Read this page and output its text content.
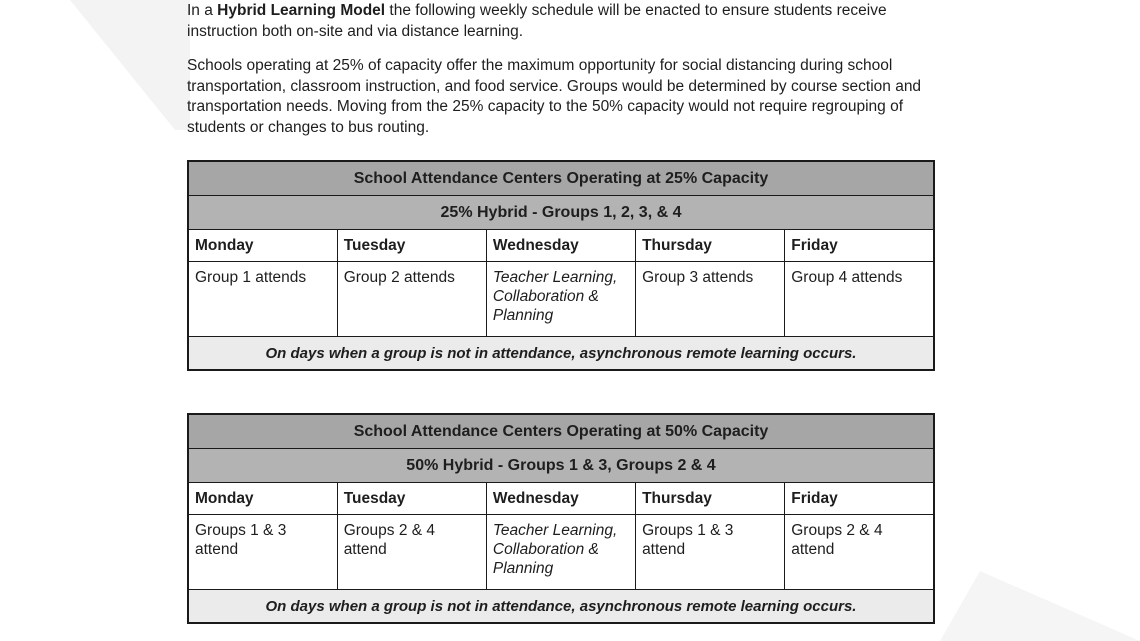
In a Hybrid Learning Model the following weekly schedule will be enacted to ensure students receive instruction both on-site and via distance learning.

Schools operating at 25% of capacity offer the maximum opportunity for social distancing during school transportation, classroom instruction, and food service. Groups would be determined by course section and transportation needs. Moving from the 25% capacity to the 50% capacity would not require regrouping of students or changes to bus routing.

School Attendance Centers Operating at 25% Capacity				
25% Hybrid - Groups 1, 2, 3, & 4				
Monday	Tuesday	Wednesday	Thursday	Friday
Group 1 attends	Group 2 attends	Teacher Learning, Collaboration & Planning	Group 3 attends	Group 4 attends
On days when a group is not in attendance, asynchronous remote learning occurs.				
School Attendance Centers Operating at 50% Capacity				
50% Hybrid - Groups 1 & 3, Groups 2 & 4				
Monday	Tuesday	Wednesday	Thursday	Friday
Groups 1 & 3 attend	Groups 2 & 4 attend	Teacher Learning, Collaboration & Planning	Groups 1 & 3 attend	Groups 2 & 4 attend
On days when a group is not in attendance, asynchronous remote learning occurs.				
